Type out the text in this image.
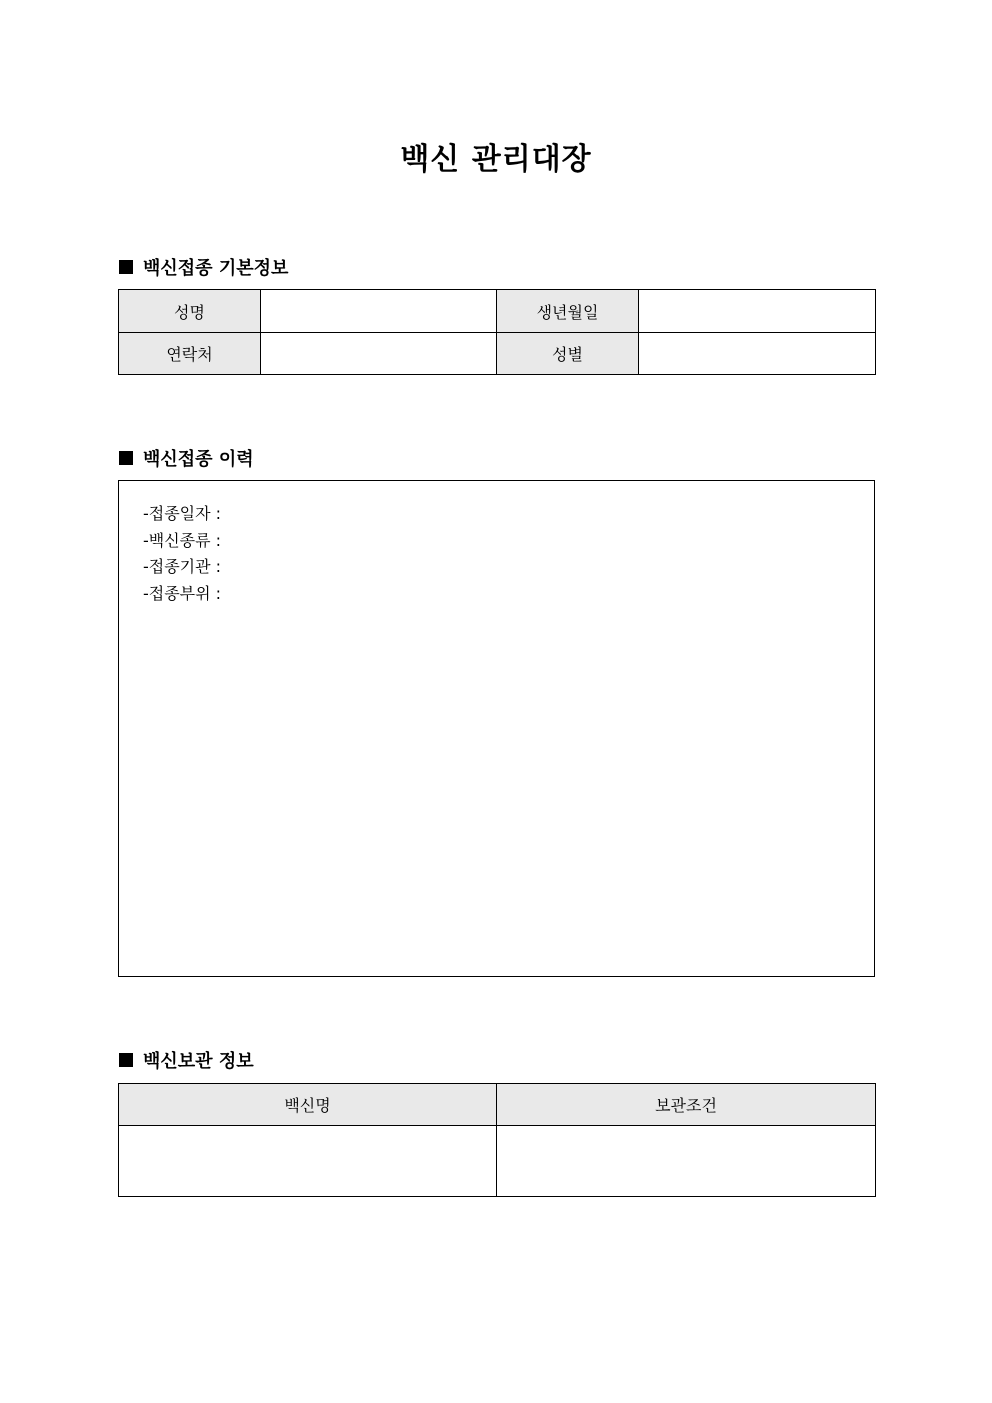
백신 관리대장
백신접종 기본정보
성명		생년월일	
연락처		성별	
백신접종 이력
-접종일자 :
-백신종류 :
-접종기관 :
-접종부위 :
백신보관 정보
백신명	보관조건
